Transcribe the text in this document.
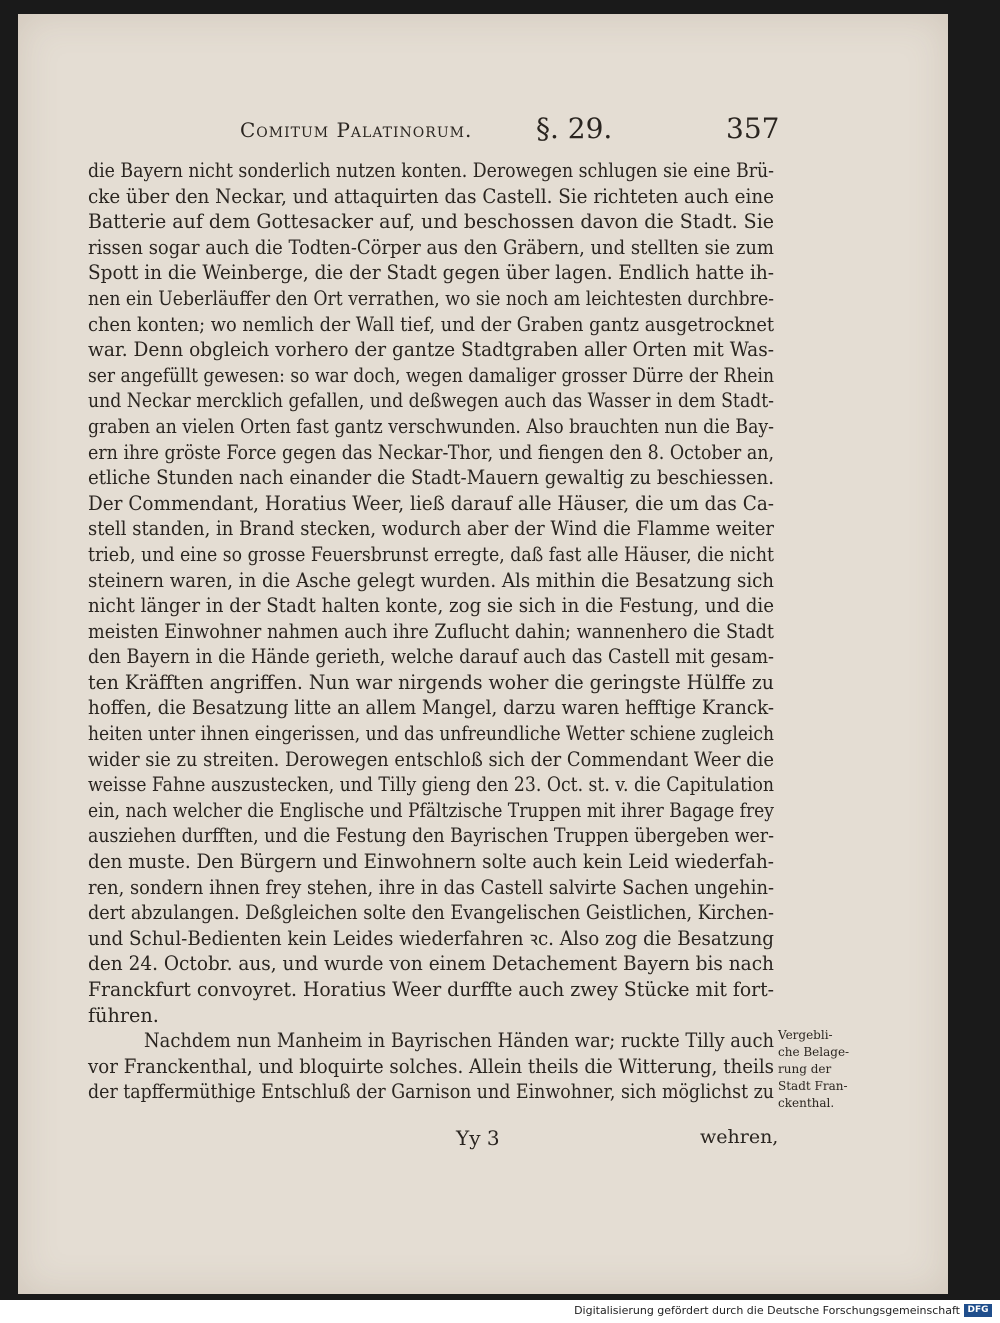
Comitum Palatinorum. §. 29.	357
die Bayern nicht sonderlich nutzen konten. Derowegen schlugen sie eine Brü-
cke über den Neckar, und attaquirten das Castell. Sie richteten auch eine
Batterie auf dem Gottesacker auf, und beschossen davon die Stadt. Sie
rissen sogar auch die Todten-Cörper aus den Gräbern, und stellten sie zum
Spott in die Weinberge, die der Stadt gegen über lagen. Endlich hatte ih-
nen ein Ueberläuffer den Ort verrathen, wo sie noch am leichtesten durchbre-
chen konten; wo nemlich der Wall tief, und der Graben gantz ausgetrocknet
war. Denn obgleich vorhero der gantze Stadtgraben aller Orten mit Was-
ser angefüllt gewesen: so war doch, wegen damaliger grosser Dürre der Rhein
und Neckar mercklich gefallen, und deßwegen auch das Wasser in dem Stadt-
graben an vielen Orten fast gantz verschwunden. Also brauchten nun die Bay-
ern ihre gröste Force gegen das Neckar-Thor, und fiengen den 8. October an,
etliche Stunden nach einander die Stadt-Mauern gewaltig zu beschiessen.
Der Commendant, Horatius Weer, ließ darauf alle Häuser, die um das Ca-
stell standen, in Brand stecken, wodurch aber der Wind die Flamme weiter
trieb, und eine so grosse Feuersbrunst erregte, daß fast alle Häuser, die nicht
steinern waren, in die Asche gelegt wurden. Als mithin die Besatzung sich
nicht länger in der Stadt halten konte, zog sie sich in die Festung, und die
meisten Einwohner nahmen auch ihre Zuflucht dahin; wannenhero die Stadt
den Bayern in die Hände gerieth, welche darauf auch das Castell mit gesam-
ten Kräfften angriffen. Nun war nirgends woher die geringste Hülffe zu
hoffen, die Besatzung litte an allem Mangel, darzu waren hefftige Kranck-
heiten unter ihnen eingerissen, und das unfreundliche Wetter schiene zugleich
wider sie zu streiten. Derowegen entschloß sich der Commendant Weer die
weisse Fahne auszustecken, und Tilly gieng den 23. Oct. st. v. die Capitulation
ein, nach welcher die Englische und Pfältzische Truppen mit ihrer Bagage frey
ausziehen durfften, und die Festung den Bayrischen Truppen übergeben wer-
den muste. Den Bürgern und Einwohnern solte auch kein Leid wiederfah-
ren, sondern ihnen frey stehen, ihre in das Castell salvirte Sachen ungehin-
dert abzulangen. Deßgleichen solte den Evangelischen Geistlichen, Kirchen-
und Schul-Bedienten kein Leides wiederfahren ꝛc. Also zog die Besatzung
den 24. Octobr. aus, und wurde von einem Detachement Bayern bis nach
Franckfurt convoyret. Horatius Weer durffte auch zwey Stücke mit fort-
führen.
Nachdem nun Manheim in Bayrischen Händen war; ruckte Tilly auch
vor Franckenthal, und bloquirte solches. Allein theils die Witterung, theils
der tapffermüthige Entschluß der Garnison und Einwohner, sich möglichst zu
Vergebli-
che Belage-
rung der
Stadt Fran-
ckenthal.
Yy 3	wehren,
Digitalisierung gefördert durch die Deutsche Forschungsgemeinschaft DFG
